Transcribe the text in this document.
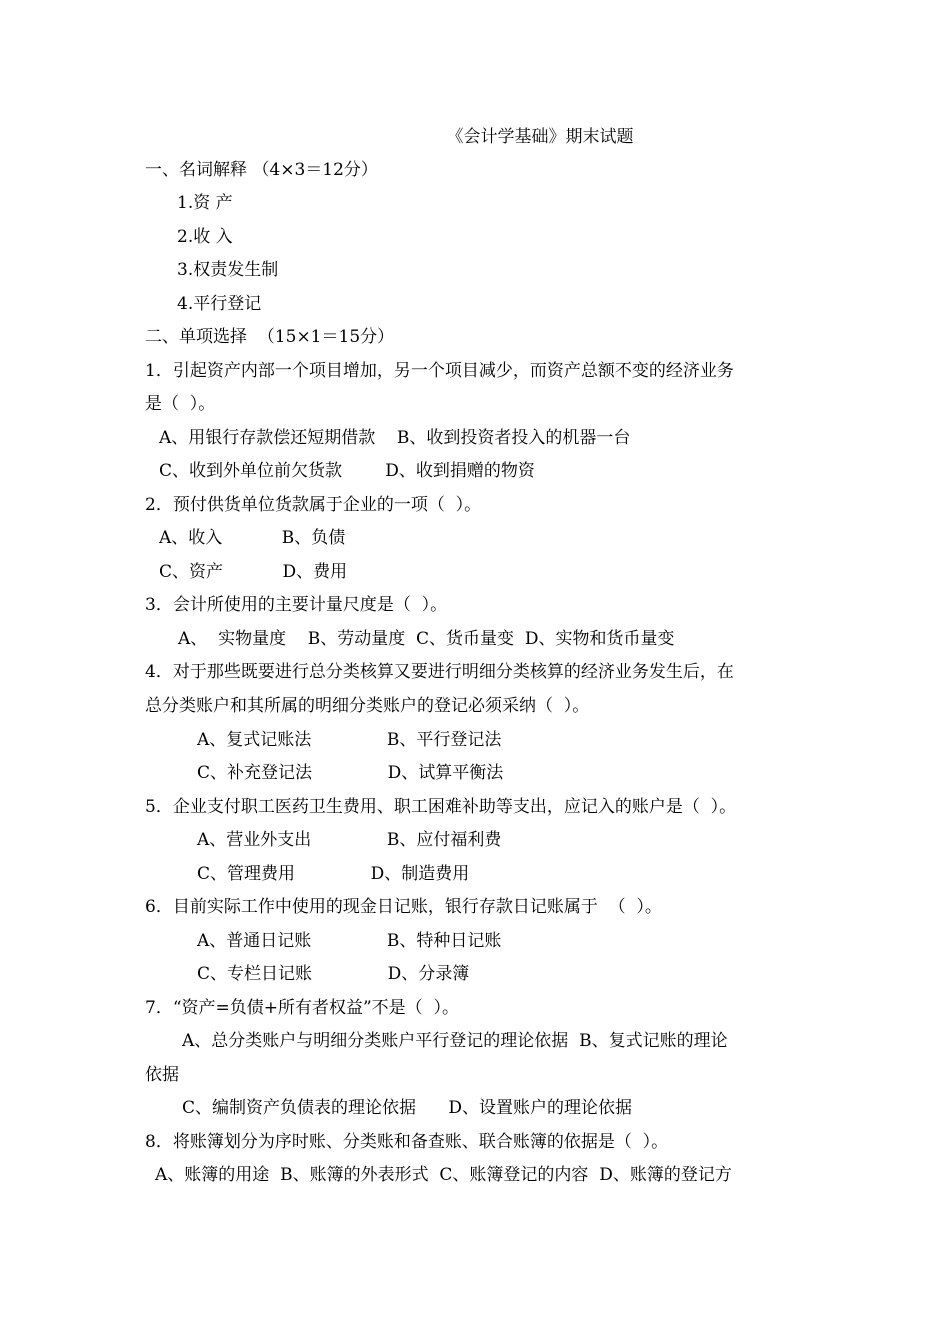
《会计学基础》期末试题
一、名词解释 （4×3＝12分）
1.资 产
2.收 入
3.权责发生制
4.平行登记
二、单项选择  （15×1＝15分）
1．引起资产内部一个项目增加，另一个项目减少，而资产总额不变的经济业务
是（  ）。
A、用银行存款偿还短期借款    B、收到投资者投入的机器一台
C、收到外单位前欠货款        D、收到捐赠的物资
2．预付供货单位货款属于企业的一项（  ）。
A、收入           B、负债
C、资产           D、费用
3．会计所使用的主要计量尺度是（  ）。
A、  实物量度    B、劳动量度  C、货币量变  D、实物和货币量变
4．对于那些既要进行总分类核算又要进行明细分类核算的经济业务发生后，在
总分类账户和其所属的明细分类账户的登记必须采纳（  ）。
A、复式记账法              B、平行登记法
C、补充登记法              D、试算平衡法
5．企业支付职工医药卫生费用、职工困难补助等支出，应记入的账户是（  ）。
A、营业外支出              B、应付福利费
C、管理费用              D、制造费用
6．目前实际工作中使用的现金日记账，银行存款日记账属于  （  ）。
A、普通日记账              B、特种日记账
C、专栏日记账              D、分录簿
7．“资产=负债+所有者权益”不是（  ）。
A、总分类账户与明细分类账户平行登记的理论依据  B、复式记账的理论
依据
C、编制资产负债表的理论依据      D、设置账户的理论依据
8．将账簿划分为序时账、分类账和备查账、联合账簿的依据是（  ）。
A、账簿的用途  B、账簿的外表形式  C、账簿登记的内容  D、账簿的登记方
